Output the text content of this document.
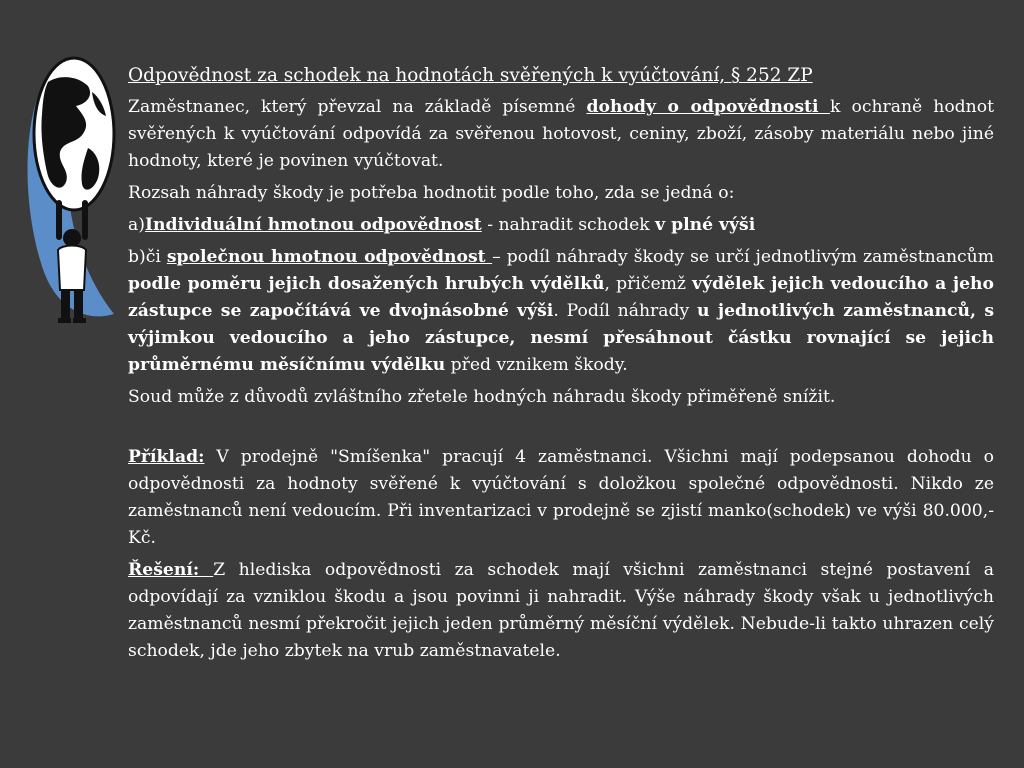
Odpovědnost za schodek na hodnotách svěřených k vyúčtování, § 252 ZP

Zaměstnanec, který převzal na základě písemné dohody o odpovědnosti k ochraně hodnot svěřených k vyúčtování odpovídá za svěřenou hotovost, ceniny, zboží, zásoby materiálu nebo jiné hodnoty, které je povinen vyúčtovat.

Rozsah náhrady škody je potřeba hodnotit podle toho, zda se jedná o:

a)Individuální hmotnou odpovědnost - nahradit schodek v plné výši

b)či společnou hmotnou odpovědnost – podíl náhrady škody se určí jednotlivým zaměstnancům podle poměru jejich dosažených hrubých výdělků, přičemž výdělek jejich vedoucího a jeho zástupce se započítává ve dvojnásobné výši. Podíl náhrady u jednotlivých zaměstnanců, s výjimkou vedoucího a jeho zástupce, nesmí přesáhnout částku rovnající se jejich průměrnému měsíčnímu výdělku před vznikem škody.

Soud může z důvodů zvláštního zřetele hodných náhradu škody přiměřeně snížit.

Příklad: V prodejně "Smíšenka" pracují 4 zaměstnanci. Všichni mají podepsanou dohodu o odpovědnosti za hodnoty svěřené k vyúčtování s doložkou společné odpovědnosti. Nikdo ze zaměstnanců není vedoucím. Při inventarizaci v prodejně se zjistí manko(schodek) ve výši 80.000,- Kč.

Řešení: Z hlediska odpovědnosti za schodek mají všichni zaměstnanci stejné postavení a odpovídají za vzniklou škodu a jsou povinni ji nahradit. Výše náhrady škody však u jednotlivých zaměstnanců nesmí překročit jejich jeden průměrný měsíční výdělek. Nebude-li takto uhrazen celý schodek, jde jeho zbytek na vrub zaměstnavatele.
